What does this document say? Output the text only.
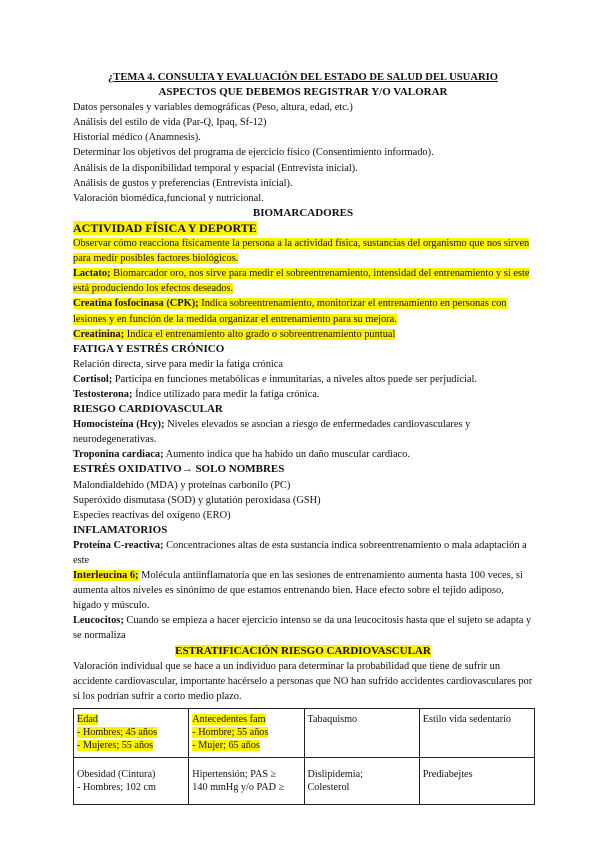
¿TEMA 4. CONSULTA Y EVALUACIÓN DEL ESTADO DE SALUD DEL USUARIO

ASPECTOS QUE DEBEMOS REGISTRAR Y/O VALORAR

Datos personales y variables demográficas (Peso, altura, edad, etc.)

Análisis del estilo de vida (Par-Q, Ipaq, Sf-12)

Historial médico (Anamnesis).

Determinar los objetivos del programa de ejercicio físico (Consentimiento informado).

Análisis de la disponibilidad temporal y espacial (Entrevista inicial).

Análisis de gustos y preferencias (Entrevista inicial).

Valoración biomédica,funcional y nutricional.

BIOMARCADORES

ACTIVIDAD FÍSICA Y DEPORTE

Observar cómo reacciona físicamente la persona a la actividad física, sustancias del organismo que nos sirven para medir posibles factores biológicos.

Lactato; Biomarcador oro, nos sirve para medir el sobreentrenamiento, intensidad del entrenamiento y si este está produciendo los efectos deseados.

Creatina fosfocinasa (CPK); Indica sobreentrenamiento, monitorizar el entrenamiento en personas con lesiones y en función de la medida organizar el entrenamiento para su mejora.

Creatinina; Indica el entrenamiento alto grado o sobreentrenamiento puntual

FATIGA Y ESTRÉS CRÓNICO

Relación directa, sirve para medir la fatiga crónica

Cortisol; Participa en funciones metabólicas e inmunitarias, a niveles altos puede ser perjudicial.

Testosterona; Índice utilizado para medir la fatiga crónica.

RIESGO CARDIOVASCULAR

Homocisteína (Hcy); Niveles elevados se asocian a riesgo de enfermedades cardiovasculares y neurodegenerativas.

Troponina cardiaca; Aumento indica que ha habido un daño muscular cardiaco.

ESTRÉS OXIDATIVO→ SOLO NOMBRES

Malondialdehído (MDA) y proteínas carbonilo (PC)

Superóxido dismutasa (SOD) y glutatión peroxidasa (GSH)

Especies reactivas del oxígeno (ERO)

INFLAMATORIOS

Proteína C-reactiva; Concentraciones altas de esta sustancia indica sobreentrenamiento o mala adaptación a este

Interleucina 6; Molécula antiinflamatoria que en las sesiones de entrenamiento aumenta hasta 100 veces, si aumenta altos niveles es sinónimo de que estamos entrenando bien. Hace efecto sobre el tejido adiposo, hígado y músculo.

Leucocitos; Cuando se empieza a hacer ejercicio intenso se da una leucocitosis hasta que el sujeto se adapta y se normaliza

ESTRATIFICACIÓN RIESGO CARDIOVASCULAR

Valoración individual que se hace a un individuo para determinar la probabilidad que tiene de sufrir un accidente cardiovascular, importante hacérselo a personas que NO han sufrido accidentes cardiovasculares por si los podrían sufrir a corto medio plazo.

Edad
- Hombres; 45 años
- Mujeres; 55 años	Antecedentes fam
- Hombre; 55 años
- Mujer; 65 años	Tabaquismo	Estilo vida sedentario
Obesidad (Cintura)
- Hombres; 102 cm	Hipertensión; PAS ≥
140 mmHg y/o PAD ≥	Dislipidemia;
Colesterol	Prediabejtes
